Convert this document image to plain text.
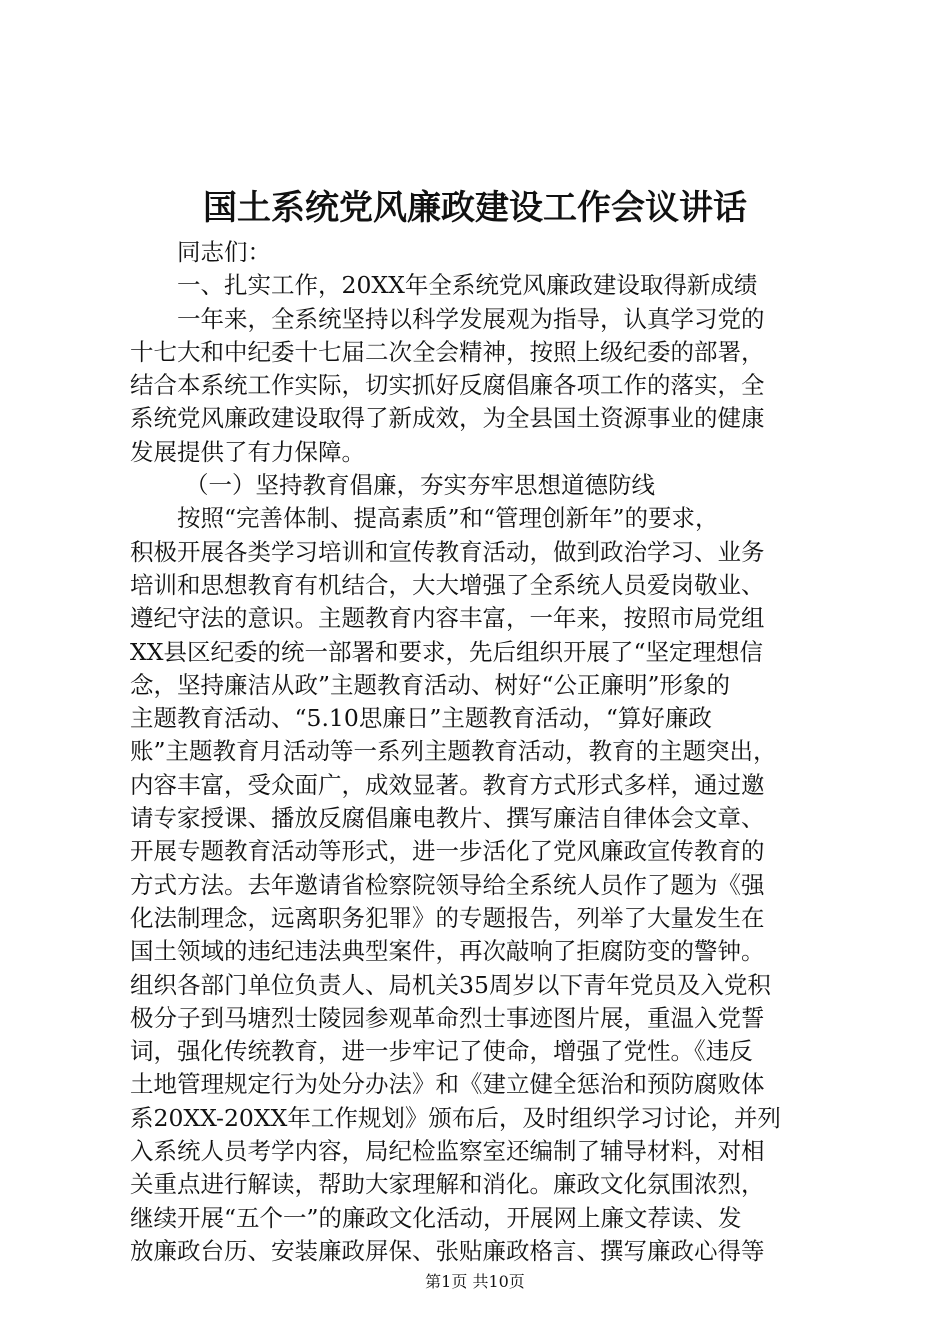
国土系统党风廉政建设工作会议讲话
同志们：
一、扎实工作，20XX年全系统党风廉政建设取得新成绩
一年来，全系统坚持以科学发展观为指导，认真学习党的
十七大和中纪委十七届二次全会精神，按照上级纪委的部署，
结合本系统工作实际，切实抓好反腐倡廉各项工作的落实，全
系统党风廉政建设取得了新成效，为全县国土资源事业的健康
发展提供了有力保障。
（一）坚持教育倡廉，夯实夯牢思想道德防线
按照“完善体制、提高素质”和“管理创新年”的要求，
积极开展各类学习培训和宣传教育活动，做到政治学习、业务
培训和思想教育有机结合，大大增强了全系统人员爱岗敬业、
遵纪守法的意识。主题教育内容丰富，一年来，按照市局党组
XX县区纪委的统一部署和要求，先后组织开展了“坚定理想信
念，坚持廉洁从政”主题教育活动、树好“公正廉明”形象的
主题教育活动、“5.10思廉日”主题教育活动，“算好廉政
账”主题教育月活动等一系列主题教育活动，教育的主题突出，
内容丰富，受众面广，成效显著。教育方式形式多样，通过邀
请专家授课、播放反腐倡廉电教片、撰写廉洁自律体会文章、
开展专题教育活动等形式，进一步活化了党风廉政宣传教育的
方式方法。去年邀请省检察院领导给全系统人员作了题为《强
化法制理念，远离职务犯罪》的专题报告，列举了大量发生在
国土领域的违纪违法典型案件，再次敲响了拒腐防变的警钟。
组织各部门单位负责人、局机关35周岁以下青年党员及入党积
极分子到马塘烈士陵园参观革命烈士事迹图片展，重温入党誓
词，强化传统教育，进一步牢记了使命，增强了党性。《违反
土地管理规定行为处分办法》和《建立健全惩治和预防腐败体
系20XX-20XX年工作规划》颁布后，及时组织学习讨论，并列
入系统人员考学内容，局纪检监察室还编制了辅导材料，对相
关重点进行解读，帮助大家理解和消化。廉政文化氛围浓烈，
继续开展“五个一”的廉政文化活动，开展网上廉文荐读、发
放廉政台历、安装廉政屏保、张贴廉政格言、撰写廉政心得等
第1页 共10页
